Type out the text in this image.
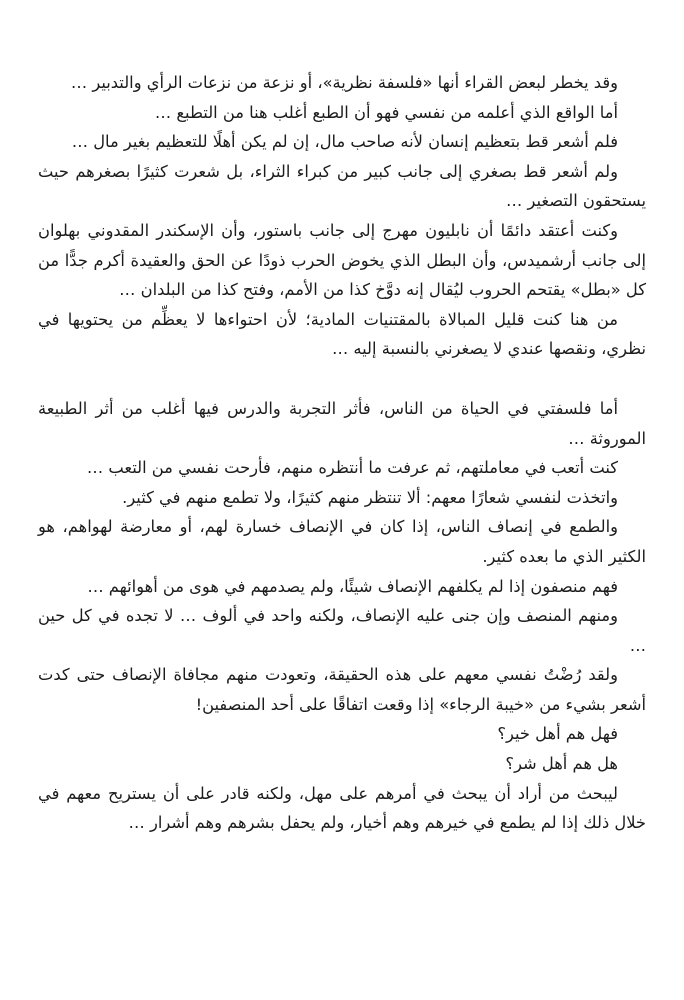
وقد يخطر لبعض القراء أنها «فلسفة نظرية»، أو نزعة من نزعات الرأي والتدبير …

أما الواقع الذي أعلمه من نفسي فهو أن الطبع أغلب هنا من التطبع …

فلم أشعر قط بتعظيم إنسان لأنه صاحب مال، إن لم يكن أهلًا للتعظيم بغير مال …

ولم أشعر قط بصغري إلى جانب كبير من كبراء الثراء، بل شعرت كثيرًا بصغرهم حيث يستحقون التصغير …

وكنت أعتقد دائمًا أن نابليون مهرج إلى جانب باستور، وأن الإسكندر المقدوني بهلوان إلى جانب أرشميدس، وأن البطل الذي يخوض الحرب ذودًا عن الحق والعقيدة أكرم جدًّا من كل «بطل» يقتحم الحروب ليُقال إنه دوَّخ كذا من الأمم، وفتح كذا من البلدان …

من هنا كنت قليل المبالاة بالمقتنيات المادية؛ لأن احتواءها لا يعظِّم من يحتويها في نظري، ونقصها عندي لا يصغرني بالنسبة إليه …

أما فلسفتي في الحياة من الناس، فأثر التجربة والدرس فيها أغلب من أثر الطبيعة الموروثة …

كنت أتعب في معاملتهم، ثم عرفت ما أنتظره منهم، فأرحت نفسي من التعب …

واتخذت لنفسي شعارًا معهم: ألا تنتظر منهم كثيرًا، ولا تطمع منهم في كثير.

والطمع في إنصاف الناس، إذا كان في الإنصاف خسارة لهم، أو معارضة لهواهم، هو الكثير الذي ما بعده كثير.

فهم منصفون إذا لم يكلفهم الإنصاف شيئًا، ولم يصدمهم في هوى من أهوائهم …

ومنهم المنصف وإن جنى عليه الإنصاف، ولكنه واحد في ألوف … لا تجده في كل حين …

ولقد رُضْتُ نفسي معهم على هذه الحقيقة، وتعودت منهم مجافاة الإنصاف حتى كدت أشعر بشيء من «خيبة الرجاء» إذا وقعت اتفاقًا على أحد المنصفين!

فهل هم أهل خير؟

هل هم أهل شر؟

ليبحث من أراد أن يبحث في أمرهم على مهل، ولكنه قادر على أن يستريح معهم في خلال ذلك إذا لم يطمع في خيرهم وهم أخيار، ولم يحفل بشرهم وهم أشرار …
